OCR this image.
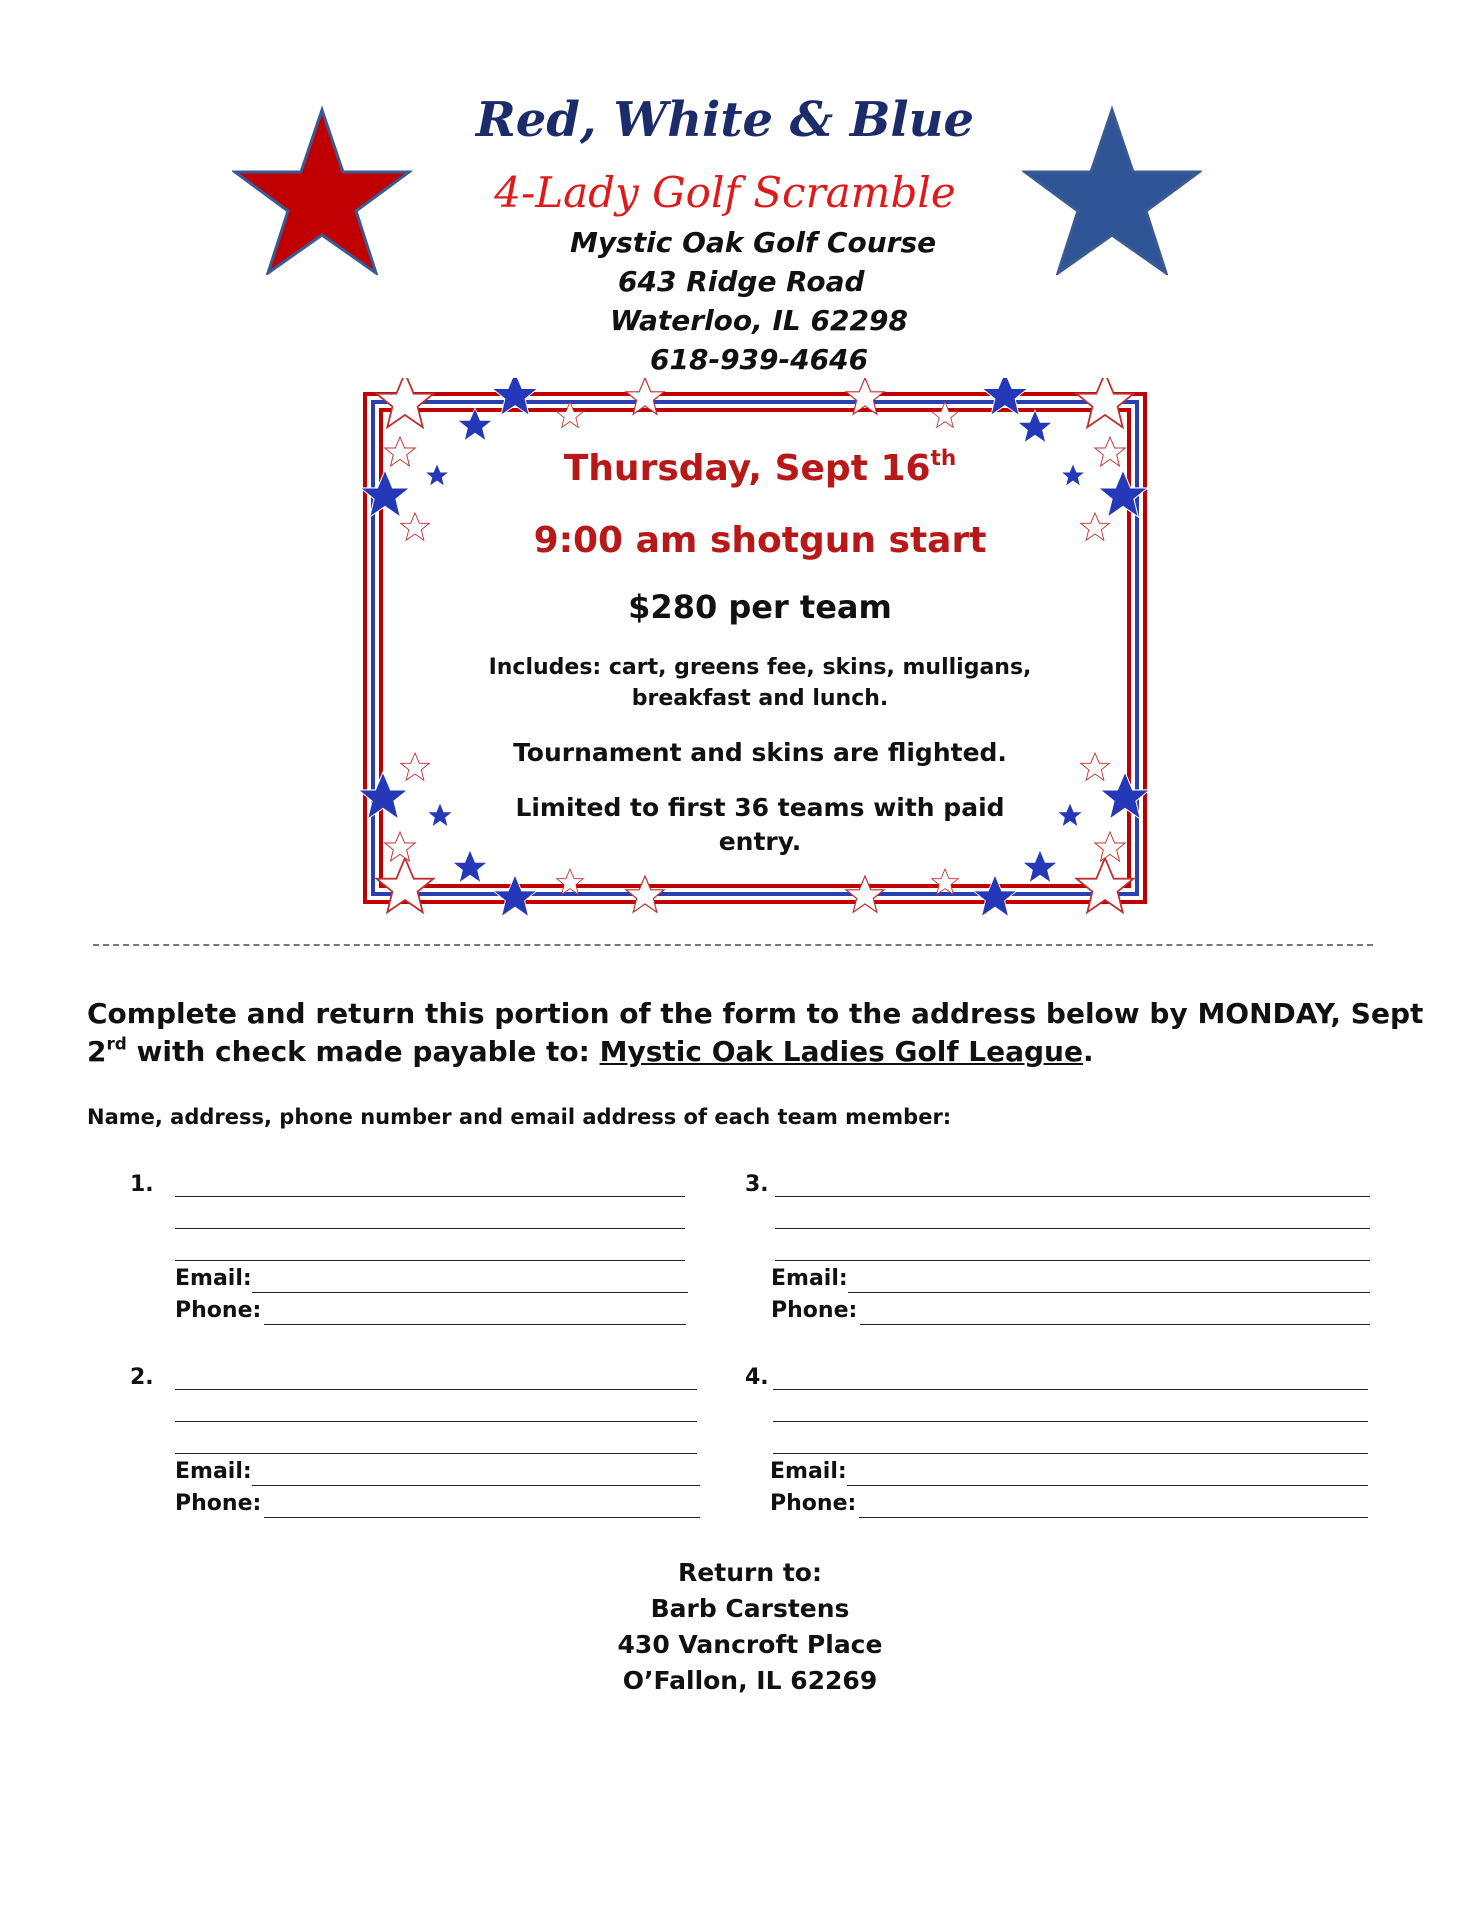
Red, White & Blue
4-Lady Golf Scramble
Mystic Oak Golf Course
643 Ridge Road
Waterloo, IL 62298
618-939-4646
Thursday, Sept 16th
9:00 am shotgun start
$280 per team
Includes: cart, greens fee, skins, mulligans,
breakfast and lunch.
Tournament and skins are flighted.
Limited to first 36 teams with paid
entry.
Complete and return this portion of the form to the address below by MONDAY, Sept 2rd with check made payable to: Mystic Oak Ladies Golf League.
Name, address, phone number and email address of each team member:
1.
Email:
Phone:
3.
Email:
Phone:
2.
Email:
Phone:
4.
Email:
Phone:
Return to:
Barb Carstens
430 Vancroft Place
O’Fallon, IL 62269
